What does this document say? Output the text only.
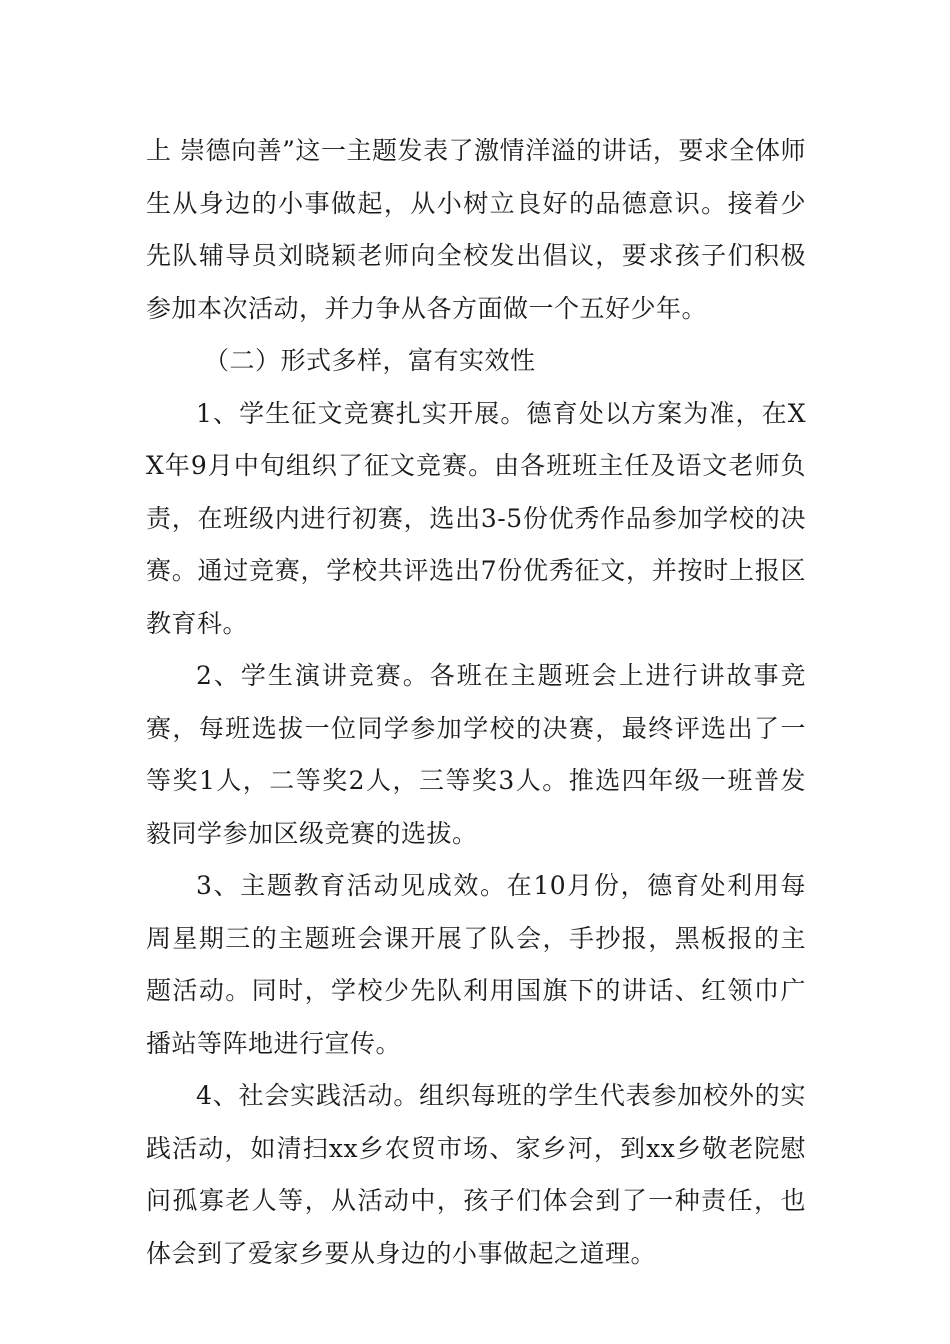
上 崇德向善”这一主题发表了激情洋溢的讲话，要求全体师生从身边的小事做起，从小树立良好的品德意识。接着少先队辅导员刘晓颖老师向全校发出倡议，要求孩子们积极参加本次活动，并力争从各方面做一个五好少年。

（二）形式多样，富有实效性

1、学生征文竞赛扎实开展。德育处以方案为准，在XX年9月中旬组织了征文竞赛。由各班班主任及语文老师负责，在班级内进行初赛，选出3-5份优秀作品参加学校的决赛。通过竞赛，学校共评选出7份优秀征文，并按时上报区教育科。

2、学生演讲竞赛。各班在主题班会上进行讲故事竞赛，每班选拔一位同学参加学校的决赛，最终评选出了一等奖1人，二等奖2人，三等奖3人。推选四年级一班普发毅同学参加区级竞赛的选拔。

3、主题教育活动见成效。在10月份，德育处利用每周星期三的主题班会课开展了队会，手抄报，黑板报的主题活动。同时，学校少先队利用国旗下的讲话、红领巾广播站等阵地进行宣传。

4、社会实践活动。组织每班的学生代表参加校外的实践活动，如清扫xx乡农贸市场、家乡河，到xx乡敬老院慰问孤寡老人等，从活动中，孩子们体会到了一种责任，也体会到了爱家乡要从身边的小事做起之道理。
